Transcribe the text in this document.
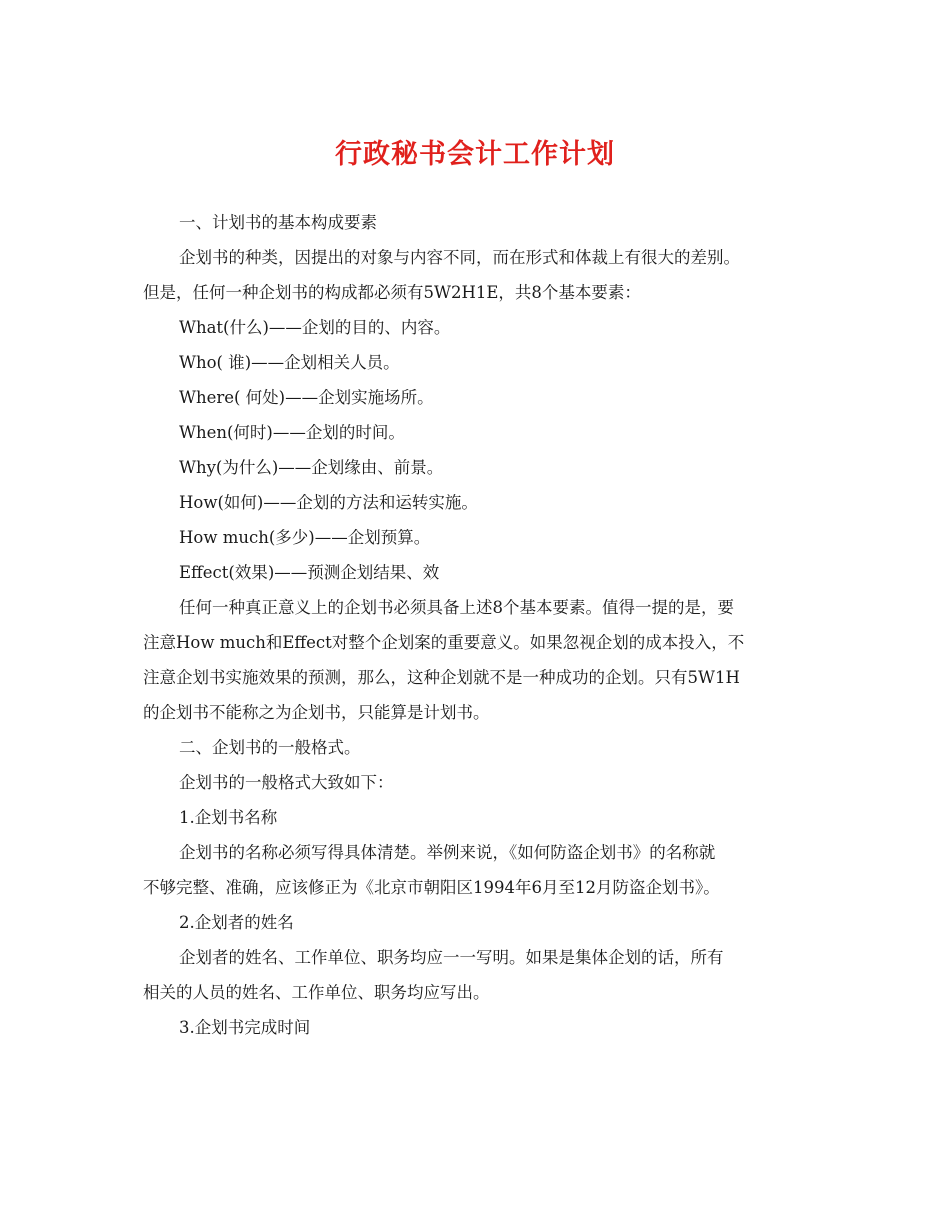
行政秘书会计工作计划

一、计划书的基本构成要素

企划书的种类，因提出的对象与内容不同，而在形式和体裁上有很大的差别。

但是，任何一种企划书的构成都必须有5W2H1E，共8个基本要素：

What(什么)——企划的目的、内容。

Who( 谁)——企划相关人员。

Where( 何处)——企划实施场所。

When(何时)——企划的时间。

Why(为什么)——企划缘由、前景。

How(如何)——企划的方法和运转实施。

How much(多少)——企划预算。

Effect(效果)——预测企划结果、效

任何一种真正意义上的企划书必须具备上述8个基本要素。值得一提的是，要

注意How much和Effect对整个企划案的重要意义。如果忽视企划的成本投入，不

注意企划书实施效果的预测，那么，这种企划就不是一种成功的企划。只有5W1H

的企划书不能称之为企划书，只能算是计划书。

二、企划书的一般格式。

企划书的一般格式大致如下：

1.企划书名称

企划书的名称必须写得具体清楚。举例来说，《如何防盗企划书》的名称就

不够完整、准确，应该修正为《北京市朝阳区1994年6月至12月防盗企划书》。

2.企划者的姓名

企划者的姓名、工作单位、职务均应一一写明。如果是集体企划的话，所有

相关的人员的姓名、工作单位、职务均应写出。

3.企划书完成时间
